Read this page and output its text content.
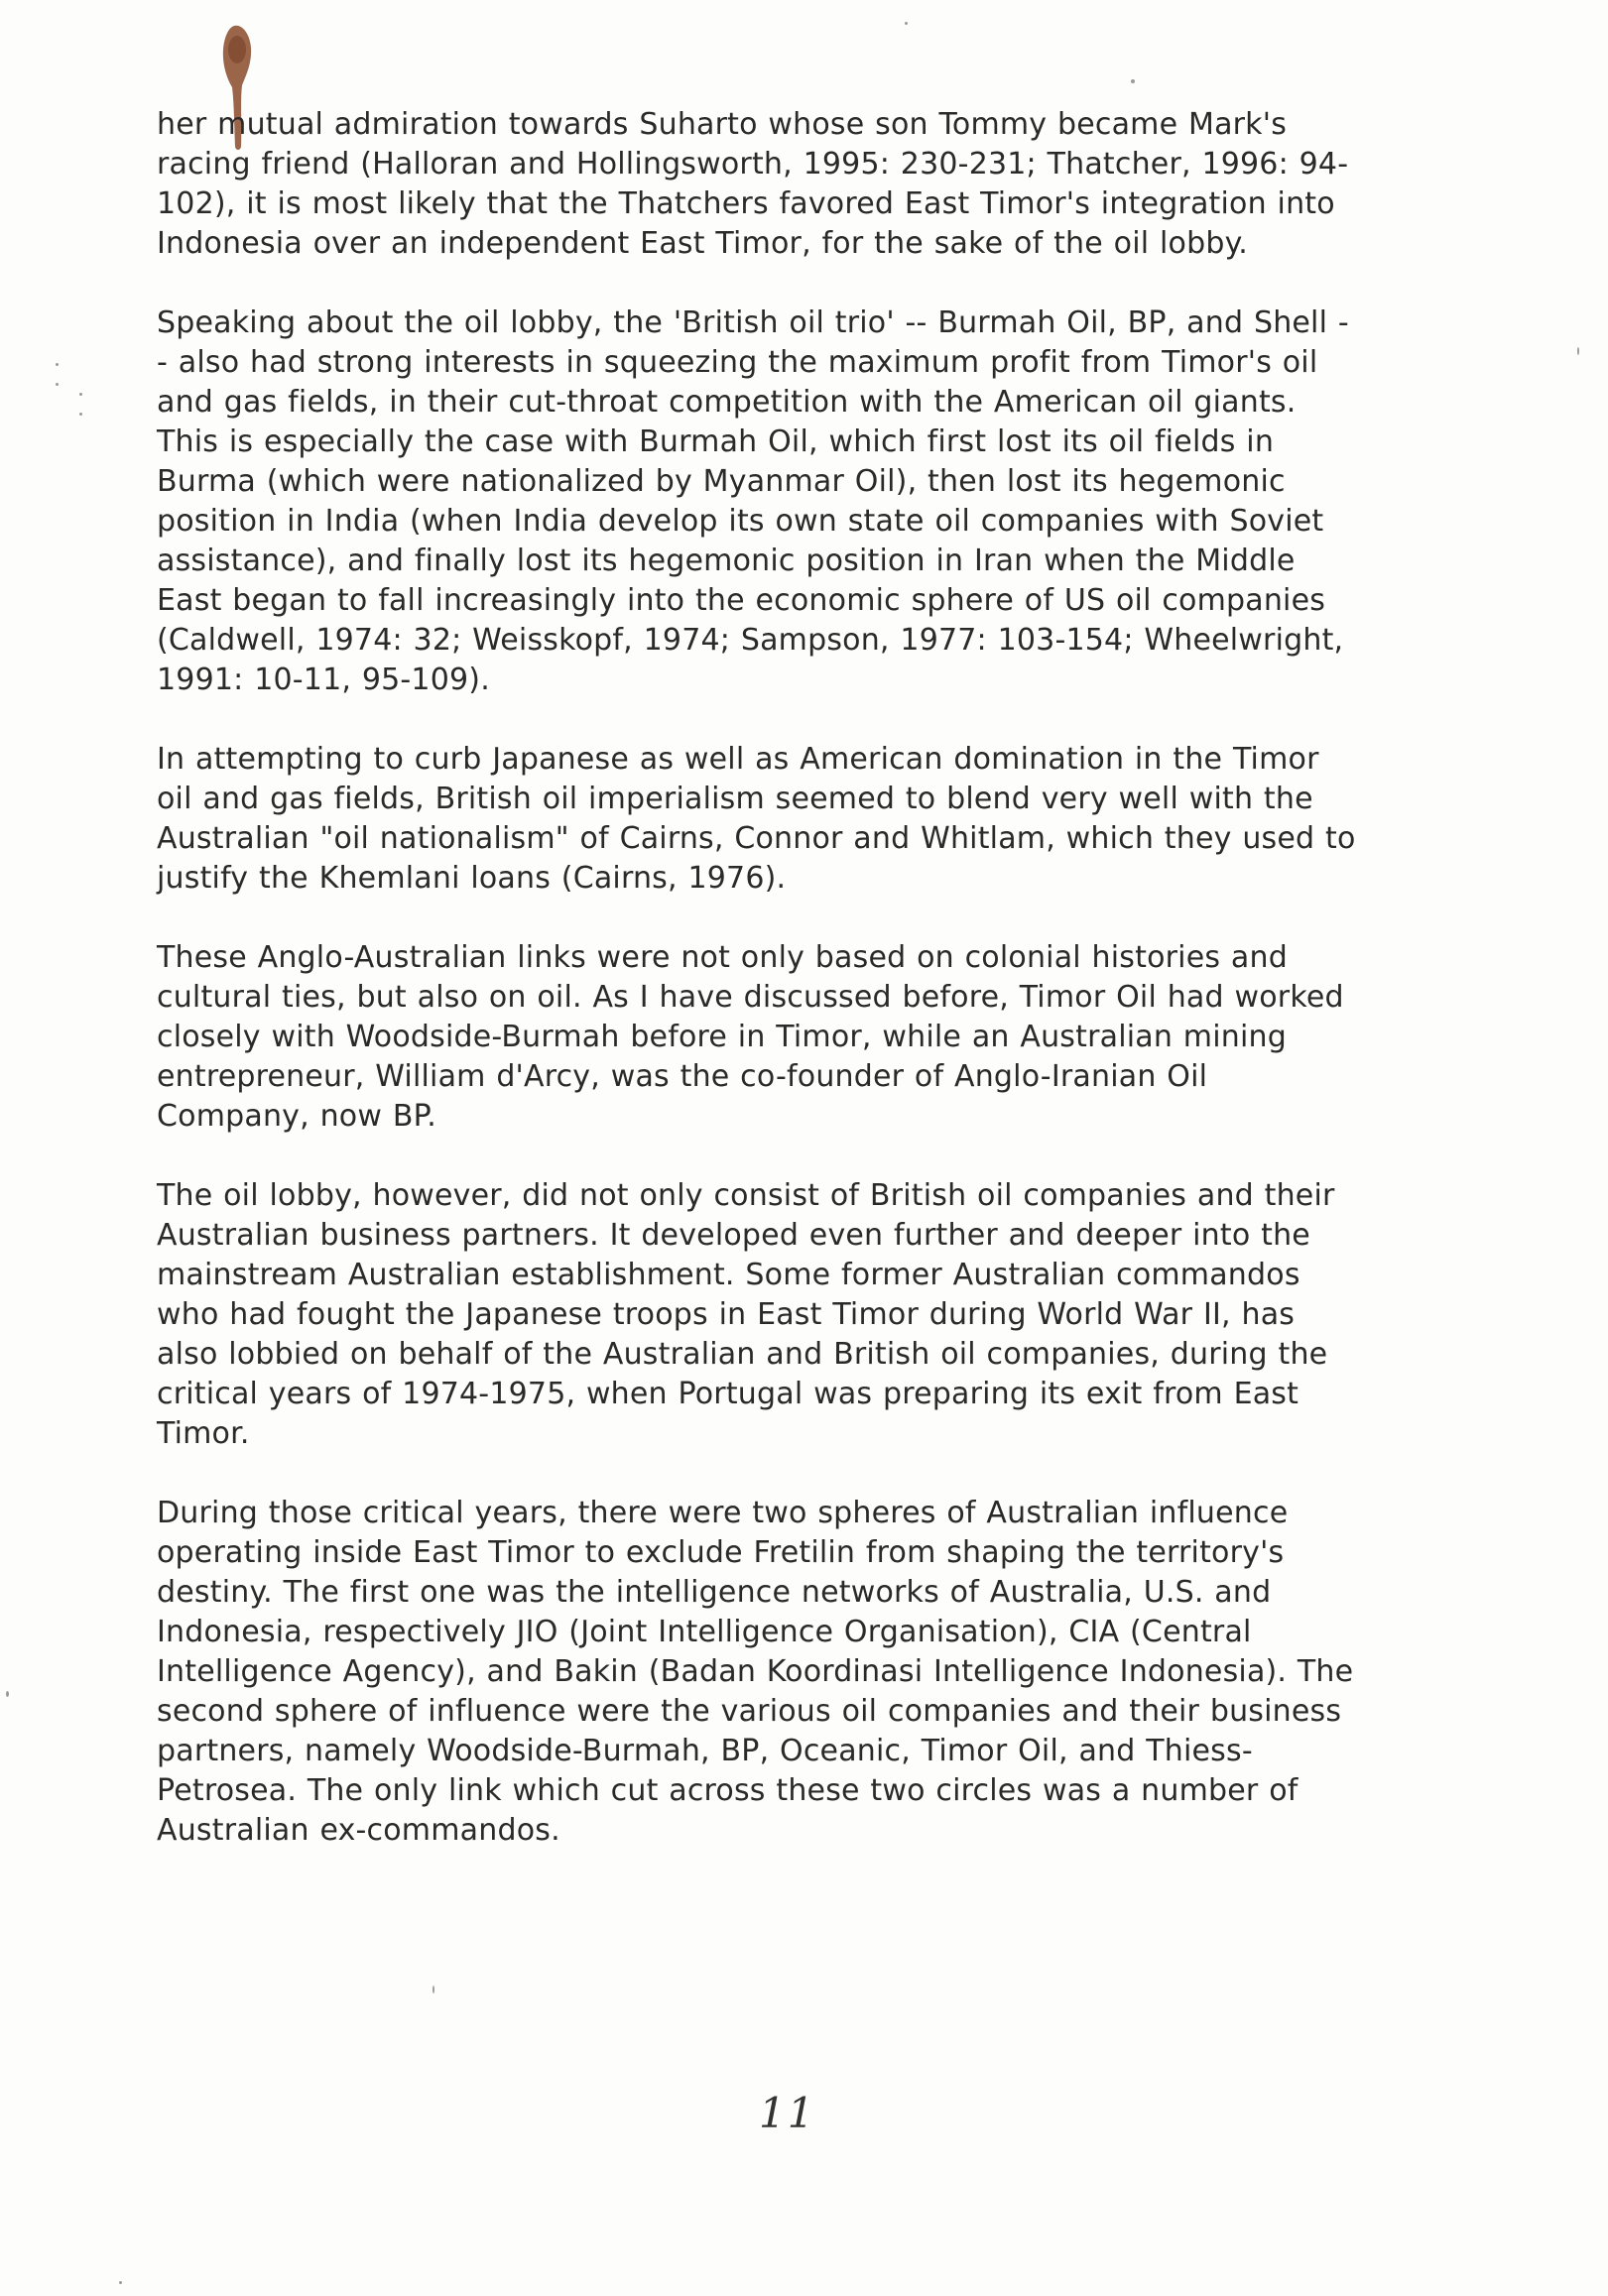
her mutual admiration towards Suharto whose son Tommy became Mark's racing friend (Halloran and Hollingsworth, 1995: 230-231; Thatcher, 1996: 94-102), it is most likely that the Thatchers favored East Timor's integration into Indonesia over an independent East Timor, for the sake of the oil lobby.

Speaking about the oil lobby, the 'British oil trio' -- Burmah Oil, BP, and Shell -- also had strong interests in squeezing the maximum profit from Timor's oil and gas fields, in their cut-throat competition with the American oil giants. This is especially the case with Burmah Oil, which first lost its oil fields in Burma (which were nationalized by Myanmar Oil), then lost its hegemonic position in India (when India develop its own state oil companies with Soviet assistance), and finally lost its hegemonic position in Iran when the Middle East began to fall increasingly into the economic sphere of US oil companies (Caldwell, 1974: 32; Weisskopf, 1974; Sampson, 1977: 103-154; Wheelwright, 1991: 10-11, 95-109).

In attempting to curb Japanese as well as American domination in the Timor oil and gas fields, British oil imperialism seemed to blend very well with the Australian "oil nationalism" of Cairns, Connor and Whitlam, which they used to justify the Khemlani loans (Cairns, 1976).

These Anglo-Australian links were not only based on colonial histories and cultural ties, but also on oil. As I have discussed before, Timor Oil had worked closely with Woodside-Burmah before in Timor, while an Australian mining entrepreneur, William d'Arcy, was the co-founder of Anglo-Iranian Oil Company, now BP.

The oil lobby, however, did not only consist of British oil companies and their Australian business partners. It developed even further and deeper into the mainstream Australian establishment. Some former Australian commandos who had fought the Japanese troops in East Timor during World War II, has also lobbied on behalf of the Australian and British oil companies, during the critical years of 1974-1975, when Portugal was preparing its exit from East Timor.

During those critical years, there were two spheres of Australian influence operating inside East Timor to exclude Fretilin from shaping the territory's destiny. The first one was the intelligence networks of Australia, U.S. and Indonesia, respectively JIO (Joint Intelligence Organisation), CIA (Central Intelligence Agency), and Bakin (Badan Koordinasi Intelligence Indonesia). The second sphere of influence were the various oil companies and their business partners, namely Woodside-Burmah, BP, Oceanic, Timor Oil, and Thiess-Petrosea. The only link which cut across these two circles was a number of Australian ex-commandos.

11
